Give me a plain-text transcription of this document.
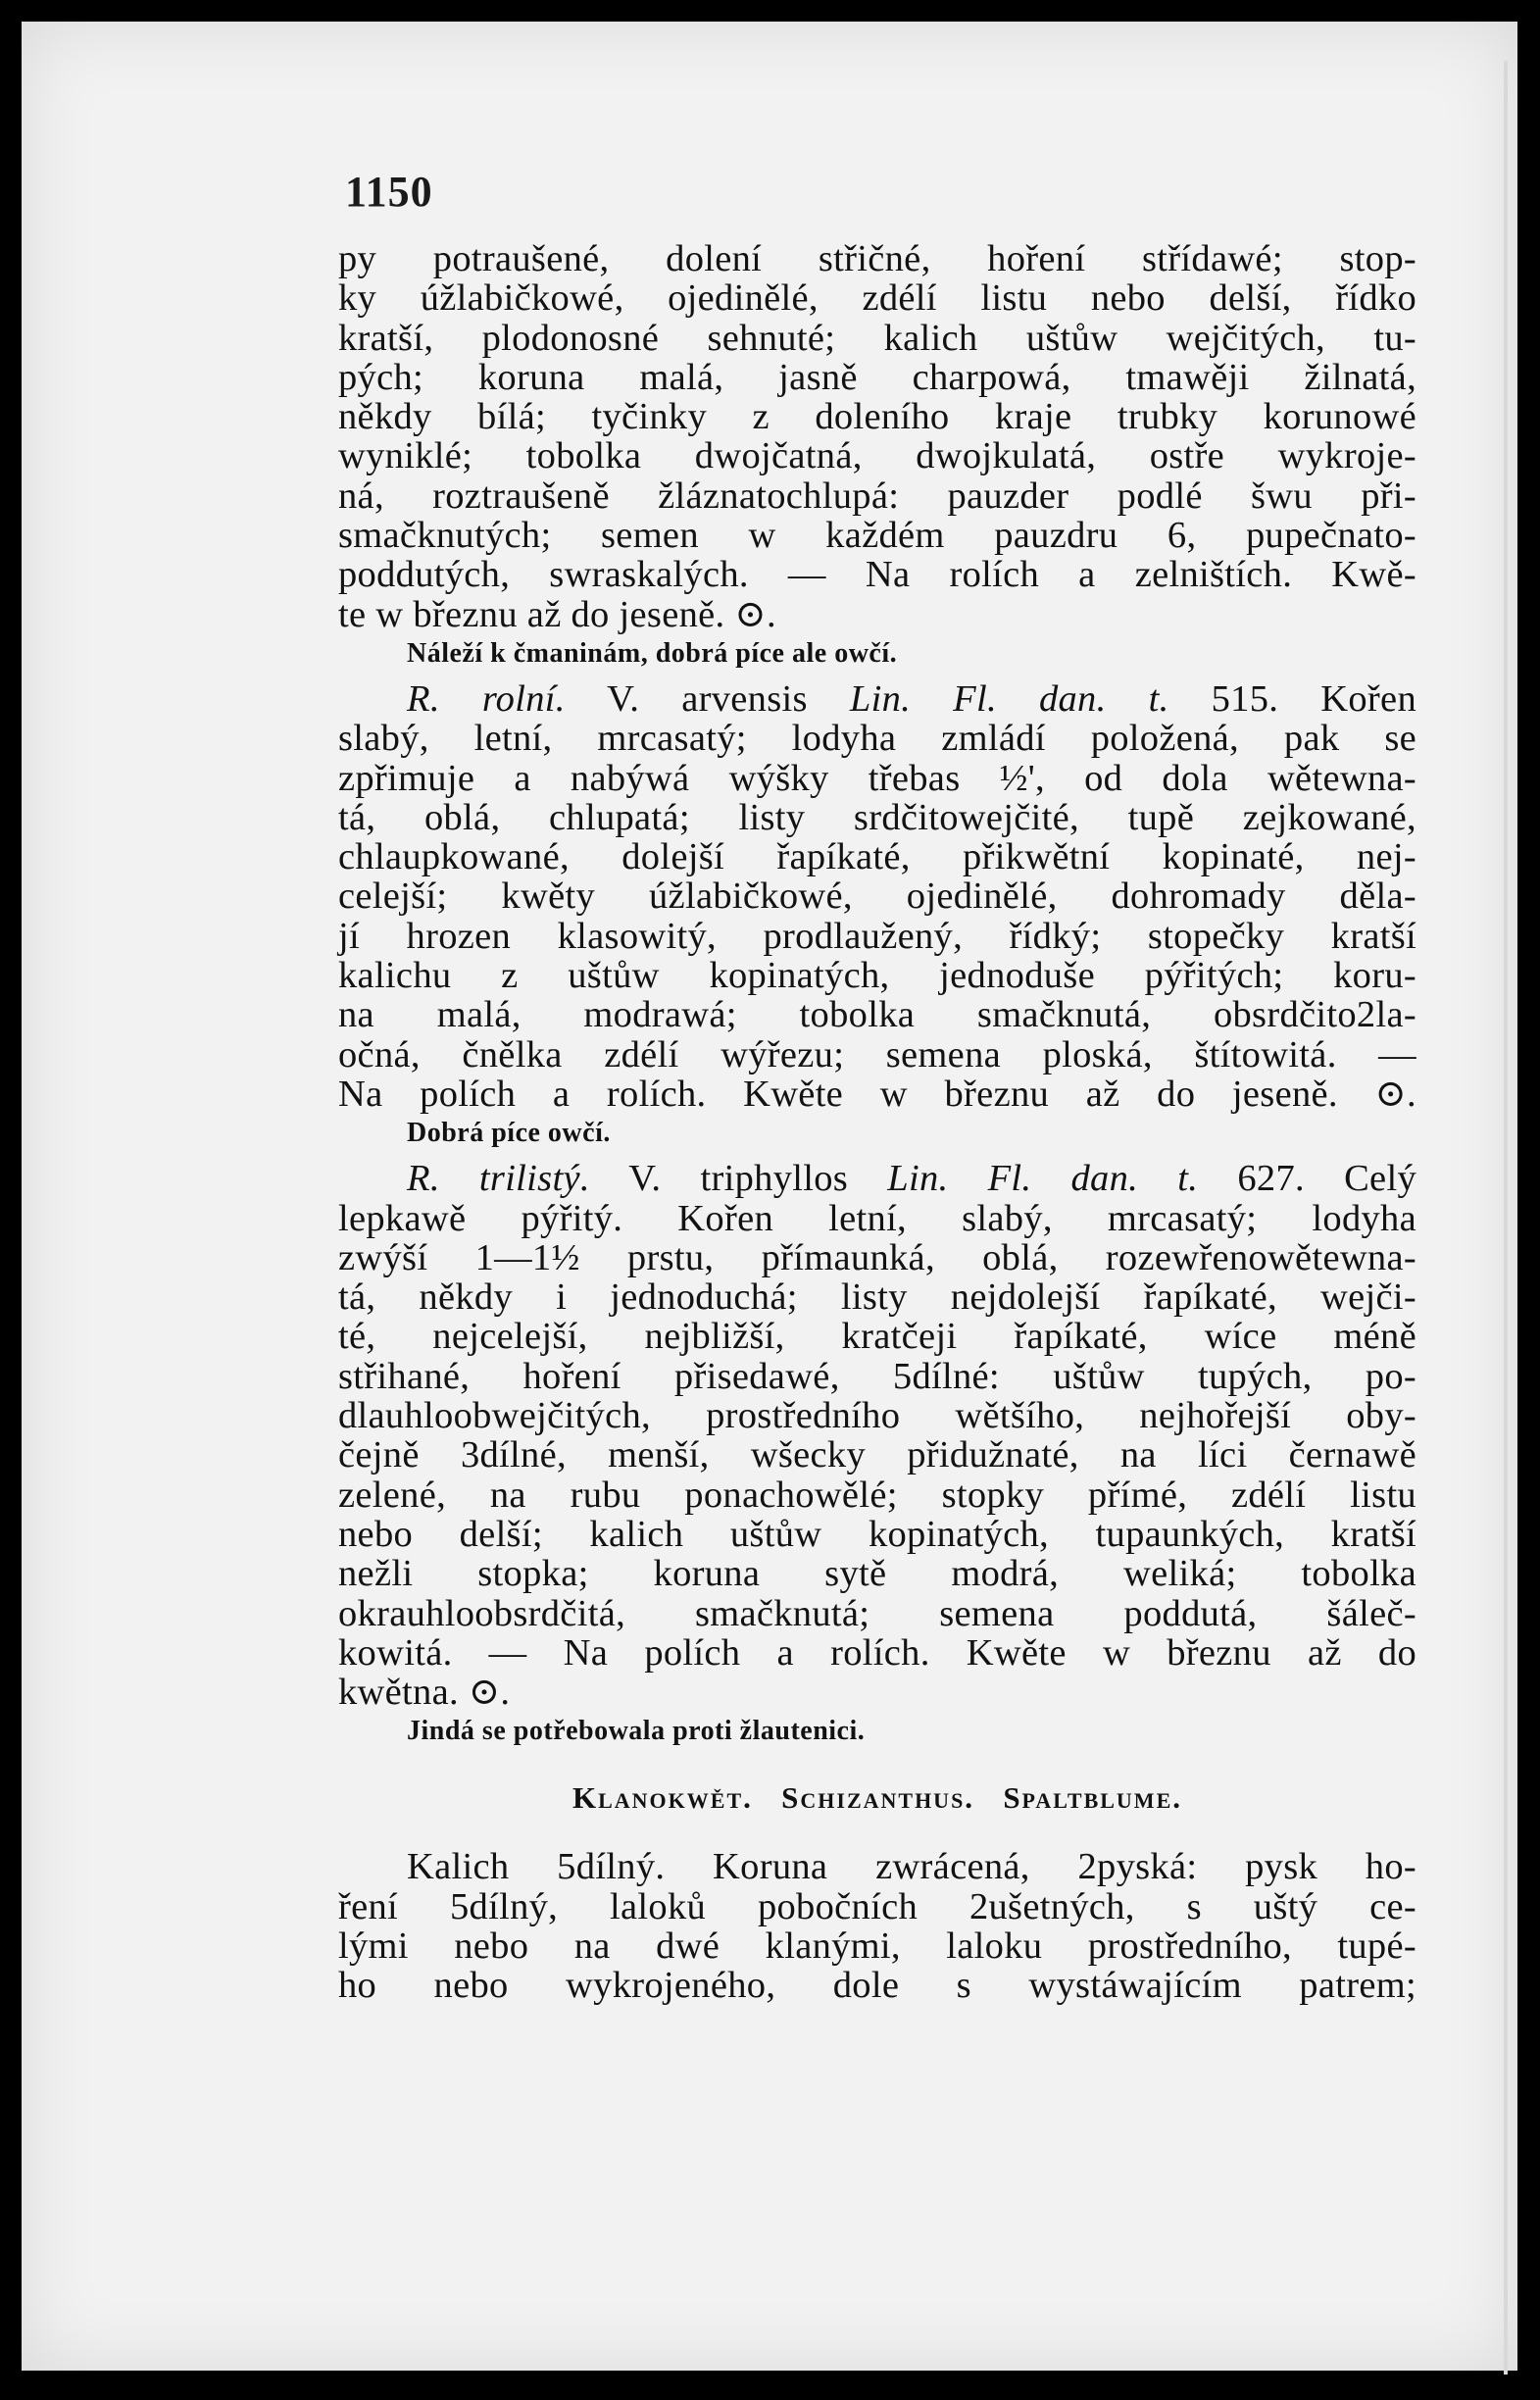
1150
py potraušené, dolení střičné, hoření střídawé; stop-
ky úžlabičkowé, ojedinělé, zdélí listu nebo delší, řídko
kratší, plodonosné sehnuté; kalich uštůw wejčitých, tu-
pých; koruna malá, jasně charpowá, tmawěji žilnatá,
někdy bílá; tyčinky z doleního kraje trubky korunowé
wyniklé; tobolka dwojčatná, dwojkulatá, ostře wykroje-
ná, roztraušeně žláznatochlupá: pauzder podlé šwu při-
smačknutých; semen w každém pauzdru 6, pupečnato-
poddutých, swraskalých. — Na rolích a zelništích. Kwě-
te w březnu až do jeseně. ⊙.
Náleží k čmaninám, dobrá píce ale owčí.
R. rolní. V. arvensis Lin. Fl. dan. t. 515. Kořen
slabý, letní, mrcasatý; lodyha zmládí položená, pak se
zpřimuje a nabýwá wýšky třebas ½', od dola wětewna-
tá, oblá, chlupatá; listy srdčitowejčité, tupě zejkowané,
chlaupkowané, dolejší řapíkaté, přikwětní kopinaté, nej-
celejší; kwěty úžlabičkowé, ojedinělé, dohromady děla-
jí hrozen klasowitý, prodlaužený, řídký; stopečky kratší
kalichu z uštůw kopinatých, jednoduše pýřitých; koru-
na malá, modrawá; tobolka smačknutá, obsrdčito2la-
očná, čnělka zdélí wýřezu; semena ploská, štítowitá. —
Na polích a rolích. Kwěte w březnu až do jeseně. ⊙.
Dobrá píce owčí.
R. trilistý. V. triphyllos Lin. Fl. dan. t. 627. Celý
lepkawě pýřitý. Kořen letní, slabý, mrcasatý; lodyha
zwýší 1—1½ prstu, přímaunká, oblá, rozewřenowětewna-
tá, někdy i jednoduchá; listy nejdolejší řapíkaté, wejči-
té, nejcelejší, nejbližší, kratčeji řapíkaté, wíce méně
střihané, hoření přisedawé, 5dílné: uštůw tupých, po-
dlauhloobwejčitých, prostředního wětšího, nejhořejší oby-
čejně 3dílné, menší, wšecky přidužnaté, na líci černawě
zelené, na rubu ponachowělé; stopky přímé, zdélí listu
nebo delší; kalich uštůw kopinatých, tupaunkých, kratší
nežli stopka; koruna sytě modrá, weliká; tobolka
okrauhloobsrdčitá, smačknutá; semena poddutá, šáleč-
kowitá. — Na polích a rolích. Kwěte w březnu až do
kwětna. ⊙.
Jindá se potřebowala proti žlautenici.
Klanokwět. Schizanthus. Spaltblume.
Kalich 5dílný. Koruna zwrácená, 2pyská: pysk ho-
ření 5dílný, laloků pobočních 2ušetných, s uštý ce-
lými nebo na dwé klanými, laloku prostředního, tupé-
ho nebo wykrojeného, dole s wystáwajícím patrem;
